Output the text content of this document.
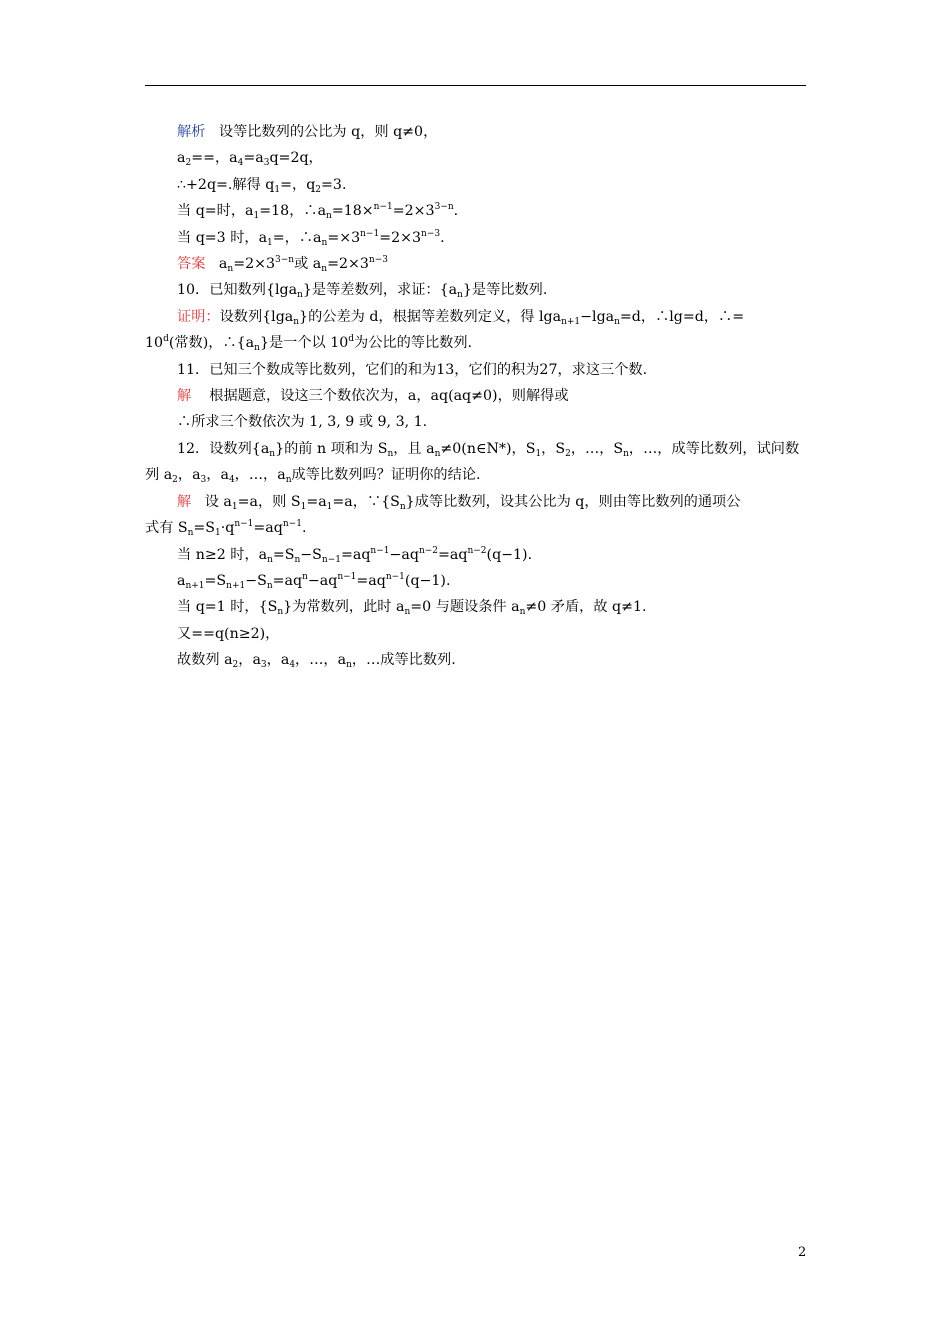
解析 设等比数列的公比为 q，则 q≠0，

$a_2==$，$a_4=a_3q=2q$，

∴+2q=.解得 $q_1=$，$q_2=3$.

当 q=时，$a_1=18$，$\therefore a_n=18\times^{n-1}=2\times 3^{3-n}$.

当 q=3 时，$a_1=$，$\therefore a_n=\times 3^{n-1}=2\times 3^{n-3}$.

答案 $a_n=2\times 3^{3-n}$或 $a_n=2\times 3^{n-3}$

10．已知数列{lga$_n$}是等差数列，求证：$\{a_n\}$是等比数列.

证明：设数列{lga$_n$}的公差为 d，根据等差数列定义，得 lga$_{n+1}$−lga$_n$=d，∴lg=d，∴=

10$^d$(常数)，$\therefore\{a_n\}$是一个以 10$^d$为公比的等比数列.

11．已知三个数成等比数列，它们的和为13，它们的积为27，求这三个数.

解 根据题意，设这三个数依次为，a，aq(aq≠0)，则解得或

∴所求三个数依次为 1, 3, 9 或 9, 3, 1.

12．设数列$\{a_n\}$的前 n 项和为 $S_n$，且 $a_n\ne 0(n\in N*)$，$S_1$，$S_2$，…，$S_n$，…，成等比数列，试问数

列 $a_2$，$a_3$，$a_4$，…，$a_n$成等比数列吗？证明你的结论.

解 设 $a_1=a$，则 $S_1=a_1=a$，$\because\{S_n\}$成等比数列，设其公比为 q，则由等比数列的通项公

式有 $S_n=S_1\cdot q^{n-1}=aq^{n-1}$.

当 n≥2 时，$a_n=S_n-S_{n-1}=aq^{n-1}-aq^{n-2}=aq^{n-2}(q-1)$.

$a_{n+1}=S_{n+1}-S_n=aq^n-aq^{n-1}=aq^{n-1}(q-1)$.

当 q=1 时，$\{S_n\}$为常数列，此时 $a_n=0$ 与题设条件 $a_n\ne 0$ 矛盾，故 q≠1.

又==q(n≥2)，

故数列 $a_2$，$a_3$，$a_4$，…，$a_n$，…成等比数列.

2
